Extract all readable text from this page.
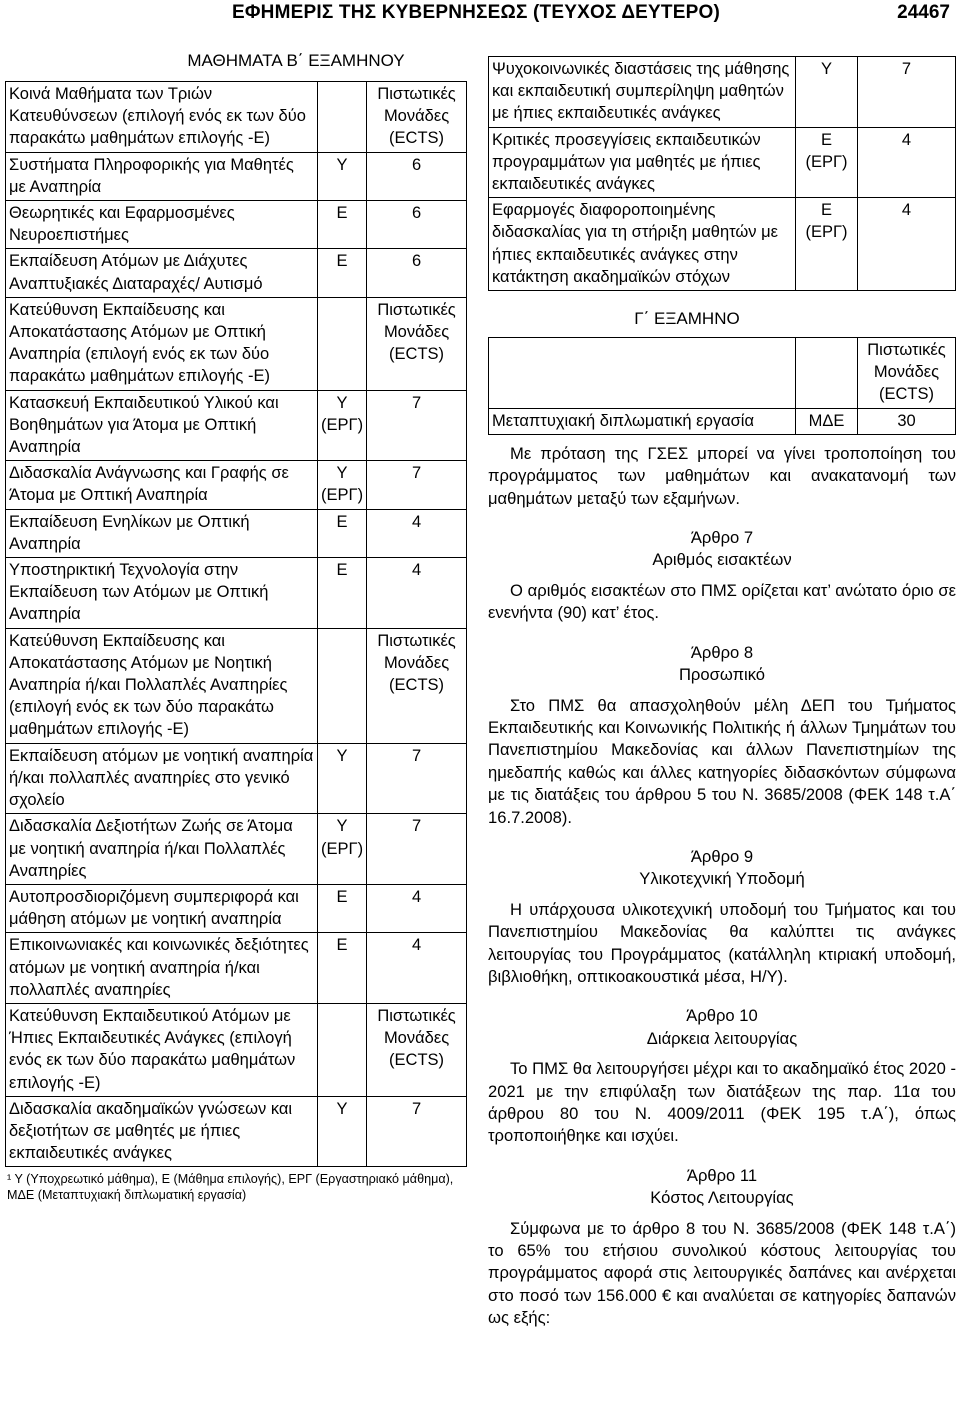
ΕΦΗΜΕΡΙΣ ΤΗΣ ΚΥΒΕΡΝΗΣΕΩΣ (ΤΕΥΧΟΣ ΔΕΥΤΕΡΟ)	24467
ΜΑΘΗΜΑΤΑ Β΄ ΕΞΑΜΗΝΟΥ
Κοινά Μαθήματα των Τριών Κατευθύνσεων (επιλογή ενός εκ των δύο παρακάτω μαθημάτων επιλογής -Ε)		Πιστωτικές Μονάδες (ECTS)
Συστήματα Πληροφορικής για Μαθητές με Αναπηρία	Υ	6
Θεωρητικές και Εφαρμοσμένες Νευροεπιστήμες	Ε	6
Εκπαίδευση Ατόμων με Διάχυτες Αναπτυξιακές Διαταραχές/ Αυτισμό	Ε	6
Κατεύθυνση Εκπαίδευσης και Αποκατάστασης Ατόμων με Οπτική Αναπηρία (επιλογή ενός εκ των δύο παρακάτω μαθημάτων επιλογής -Ε)		Πιστωτικές Μονάδες (ECTS)
Κατασκευή Εκπαιδευτικού Υλικού και Βοηθημάτων για Άτομα με Οπτική Αναπηρία	Υ (ΕΡΓ)	7
Διδασκαλία Ανάγνωσης και Γραφής σε Άτομα με Οπτική Αναπηρία	Υ (ΕΡΓ)	7
Εκπαίδευση Ενηλίκων με Οπτική Αναπηρία	Ε	4
Υποστηρικτική Τεχνολογία στην Εκπαίδευση των Ατόμων με Οπτική Αναπηρία	Ε	4
Κατεύθυνση Εκπαίδευσης και Αποκατάστασης Ατόμων με Νοητική Αναπηρία ή/και Πολλαπλές Αναπηρίες (επιλογή ενός εκ των δύο παρακάτω μαθημάτων επιλογής -Ε)		Πιστωτικές Μονάδες (ECTS)
Εκπαίδευση ατόμων με νοητική αναπηρία ή/και πολλαπλές αναπηρίες στο γενικό σχολείο	Υ	7
Διδασκαλία Δεξιοτήτων Ζωής σε Άτομα με νοητική αναπηρία ή/και Πολλαπλές Αναπηρίες	Υ (ΕΡΓ)	7
Αυτοπροσδιοριζόμενη συμπεριφορά και μάθηση ατόμων με νοητική αναπηρία	Ε	4
Επικοινωνιακές και κοινωνικές δεξιότητες ατόμων με νοητική αναπηρία ή/και πολλαπλές αναπηρίες	Ε	4
Κατεύθυνση Εκπαιδευτικού Ατόμων με Ήπιες Εκπαιδευτικές Ανάγκες (επιλογή ενός εκ των δύο παρακάτω μαθημάτων επιλογής -Ε)		Πιστωτικές Μονάδες (ECTS)
Διδασκαλία ακαδημαϊκών γνώσεων και δεξιοτήτων σε μαθητές με ήπιες εκπαιδευτικές ανάγκες	Υ	7
¹ Υ (Υποχρεωτικό μάθημα), Ε (Μάθημα επιλογής), ΕΡΓ (Εργαστηριακό μάθημα), ΜΔΕ (Μεταπτυχιακή διπλωματική εργασία)
Ψυχοκοινωνικές διαστάσεις της μάθησης και εκπαιδευτική συμπερίληψη μαθητών με ήπιες εκπαιδευτικές ανάγκες	Υ	7
Κριτικές προσεγγίσεις εκπαιδευτικών προγραμμάτων για μαθητές με ήπιες εκπαιδευτικές ανάγκες	Ε (ΕΡΓ)	4
Εφαρμογές διαφοροποιημένης διδασκαλίας για τη στήριξη μαθητών με ήπιες εκπαιδευτικές ανάγκες στην κατάκτηση ακαδημαϊκών στόχων	Ε (ΕΡΓ)	4
Γ΄ ΕΞΑΜΗΝΟ
		Πιστωτικές Μονάδες (ECTS)
Μεταπτυχιακή διπλωματική εργασία	ΜΔΕ	30

Με πρόταση της ΓΣΕΣ μπορεί να γίνει τροποποίηση του προγράμματος των μαθημάτων και ανακατανομή των μαθημάτων μεταξύ των εξαμήνων.

Άρθρο 7
Αριθμός εισακτέων

Ο αριθμός εισακτέων στο ΠΜΣ ορίζεται κατ’ ανώτατο όριο σε ενενήντα (90) κατ’ έτος.

Άρθρο 8
Προσωπικό

Στο ΠΜΣ θα απασχοληθούν μέλη ΔΕΠ του Τμήματος Εκπαιδευτικής και Κοινωνικής Πολιτικής ή άλλων Τμημάτων του Πανεπιστημίου Μακεδονίας και άλλων Πανεπιστημίων της ημεδαπής καθώς και άλλες κατηγορίες διδασκόντων σύμφωνα με τις διατάξεις του άρθρου 5 του Ν. 3685/2008 (ΦΕΚ 148 τ.Α΄ 16.7.2008).

Άρθρο 9
Υλικοτεχνική Υποδομή

Η υπάρχουσα υλικοτεχνική υποδομή του Τμήματος και του Πανεπιστημίου Μακεδονίας θα καλύπτει τις ανάγκες λειτουργίας του Προγράμματος (κατάλληλη κτιριακή υποδομή, βιβλιοθήκη, οπτικοακουστικά μέσα, Η/Υ).

Άρθρο 10
Διάρκεια λειτουργίας

Το ΠΜΣ θα λειτουργήσει μέχρι και το ακαδημαϊκό έτος 2020 - 2021 με την επιφύλαξη των διατάξεων της παρ. 11α του άρθρου 80 του Ν. 4009/2011 (ΦΕΚ 195 τ.Α΄), όπως τροποποιήθηκε και ισχύει.

Άρθρο 11
Κόστος Λειτουργίας

Σύμφωνα με το άρθρο 8 του Ν. 3685/2008 (ΦΕΚ 148 τ.Α΄) το 65% του ετήσιου συνολικού κόστους λειτουργίας του προγράμματος αφορά στις λειτουργικές δαπάνες και ανέρχεται στο ποσό των 156.000 € και αναλύεται σε κατηγορίες δαπανών ως εξής:
